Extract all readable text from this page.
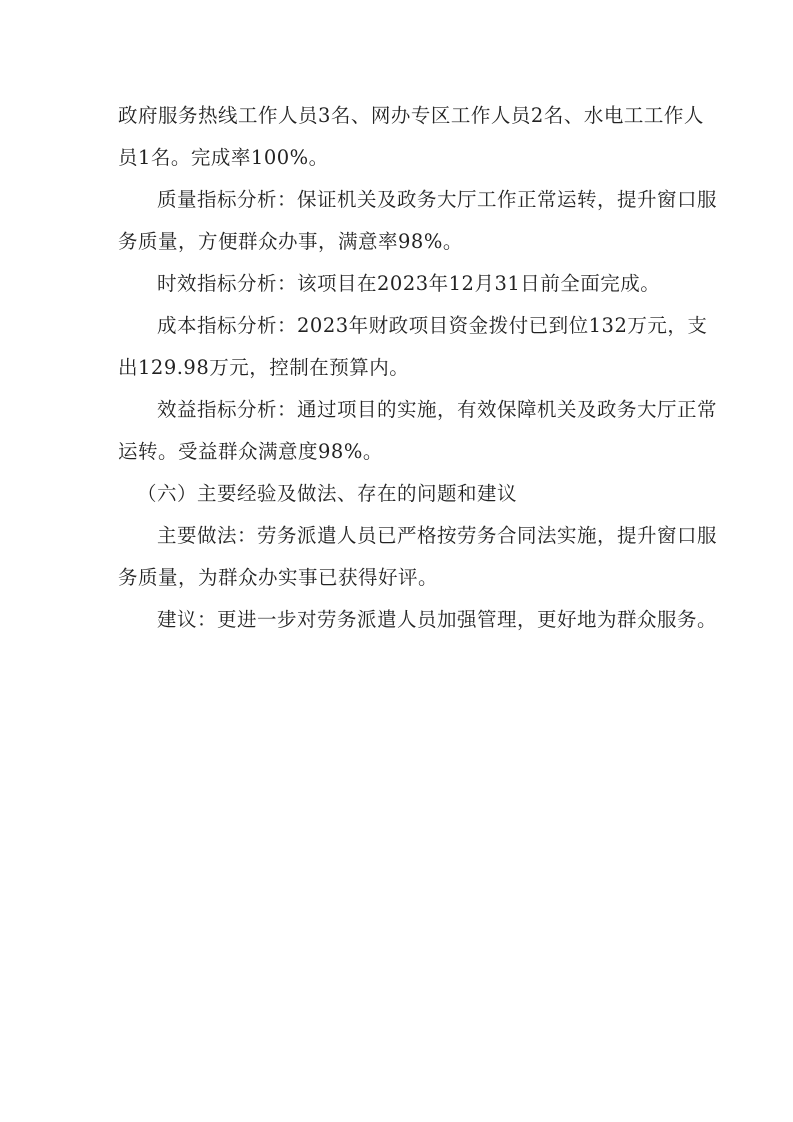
政府服务热线工作人员3名、网办专区工作人员2名、水电工工作人
员1名。完成率100%。
质量指标分析：保证机关及政务大厅工作正常运转，提升窗口服
务质量，方便群众办事，满意率98%。
时效指标分析：该项目在2023年12月31日前全面完成。
成本指标分析：2023年财政项目资金拨付已到位132万元，支
出129.98万元，控制在预算内。
效益指标分析：通过项目的实施，有效保障机关及政务大厅正常
运转。受益群众满意度98%。
（六）主要经验及做法、存在的问题和建议
主要做法：劳务派遣人员已严格按劳务合同法实施，提升窗口服
务质量，为群众办实事已获得好评。
建议：更进一步对劳务派遣人员加强管理，更好地为群众服务。
